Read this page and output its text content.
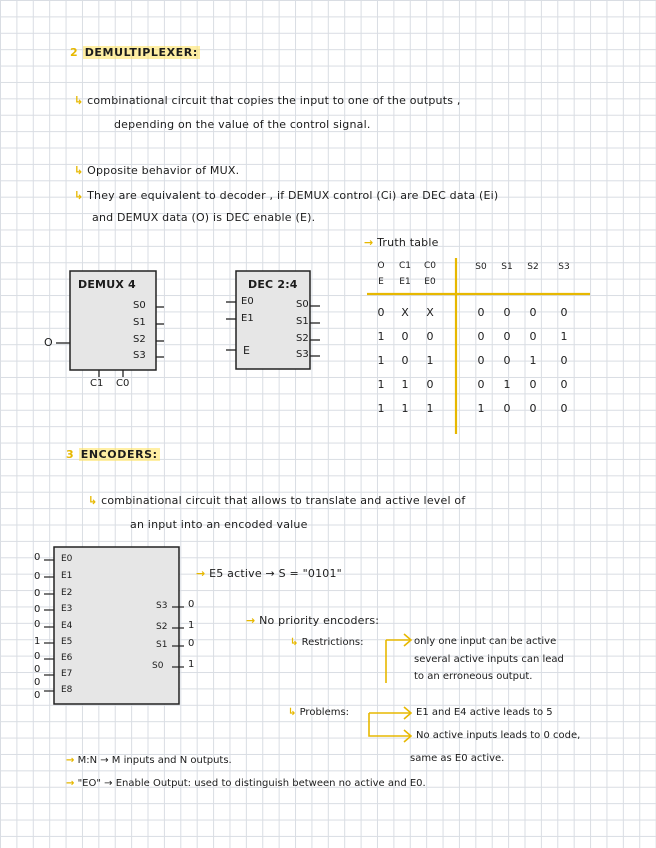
2 DEMULTIPLEXER:
↳ combinational circuit that copies the input to one of the outputs ,
depending on the value of the control signal.
↳ Opposite behavior of MUX.
↳ They are equivalent to decoder , if DEMUX control (Ci) are DEC data (Ei)
and DEMUX data (O) is DEC enable (E).
DEMUX 4
S0
S1
S2
S3
O
C1 C0
DEC 2:4
E0
E1
E
S0
S1
S2
S3
→ Truth table
O	C1	C0	S0	S1	S2	S3
E	E1	E0
0	X	X	0	0	0	0
1	0	0	0	0	0	1
1	0	1	0	0	1	0
1	1	0	0	1	0	0
1	1	1	1	0	0	0
3 ENCODERS:
↳ combinational circuit that allows to translate and active level of
an input into an encoded value
E0
E1
E2
E3
E4
E5
E6
E7
E8
0
0
0
0
0
1
0
0
0
0
S3
S2
S1
S0
0
1
0
1
→ E5 active → S = "0101"
→ No priority encoders:
↳ Restrictions:	only one input can be active
several active inputs can lead
to an erroneous output.
↳ Problems:	E1 and E4 active leads to 5
No active inputs leads to 0 code,
same as E0 active.
→ M:N → M inputs and N outputs.
→ "EO" → Enable Output: used to distinguish between no active and E0.
